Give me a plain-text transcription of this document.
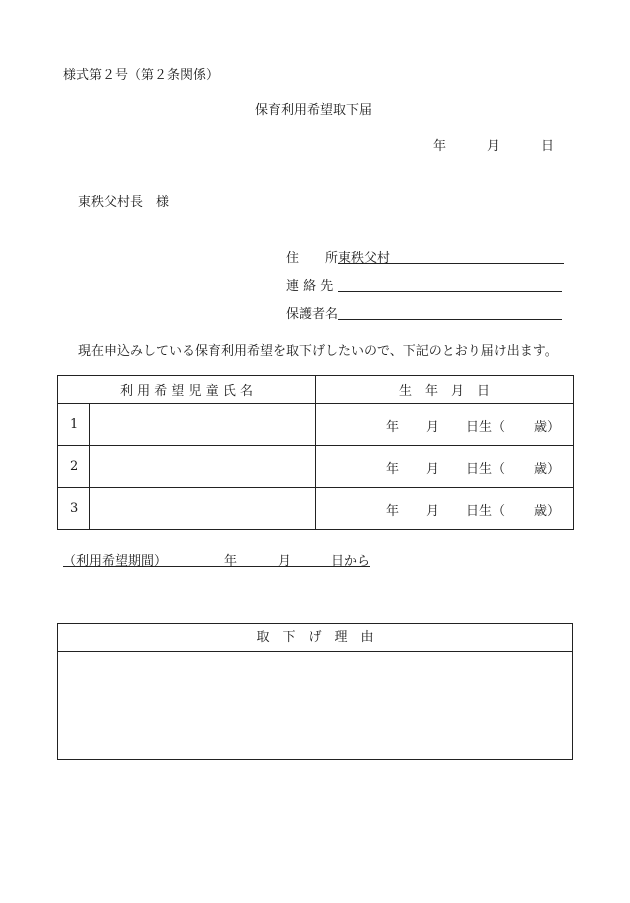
様式第２号（第２条関係）
保育利用希望取下届
年	月	日
東秩父村長　様
住　　所 東秩父村
連 絡 先
保護者名
現在申込みしている保育利用希望を取下げしたいので、下記のとおり届け出ます。
利 用 希 望 児 童 氏 名		生　年　月　日
1		年 月 日生（ 歳）

2		年 月 日生（ 歳）

3		年 月 日生（ 歳）
（利用希望期間）	年	月	日から
取　下　げ　理　由
